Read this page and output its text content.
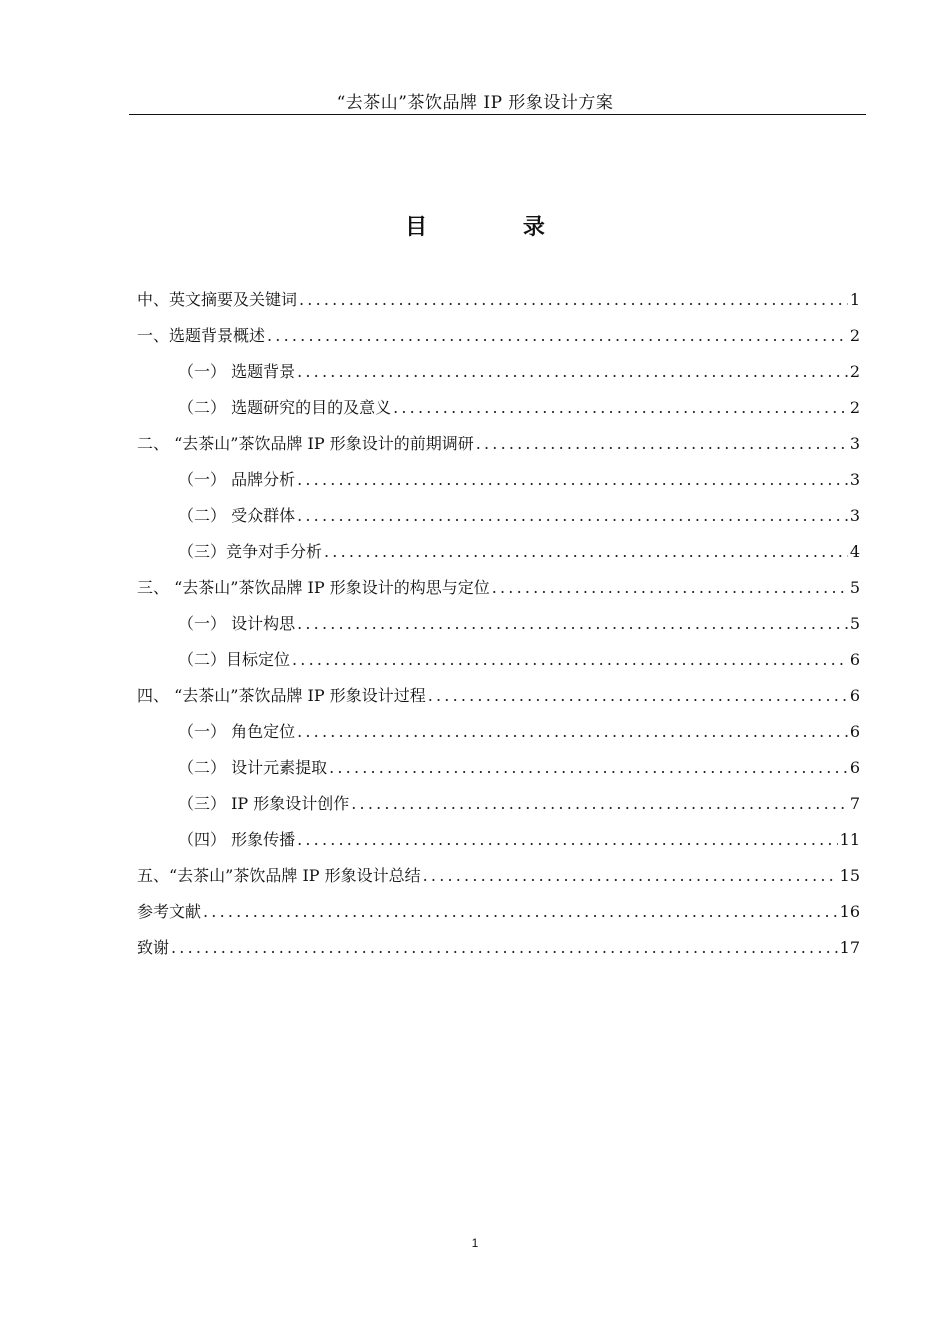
“去茶山”茶饮品牌 IP 形象设计方案
目 录
中、英文摘要及关键词 .....	1
一、选题背景概述 .....	2
（一） 选题背景 .....	2
（二） 选题研究的目的及意义 .....	2
二、 “去茶山”茶饮品牌 IP 形象设计的前期调研 .....	3
（一） 品牌分析 .....	3
（二） 受众群体 .....	3
（三）竞争对手分析 .....	4
三、 “去茶山”茶饮品牌 IP 形象设计的构思与定位 .....	5
（一） 设计构思 .....	5
（二）目标定位 .....	6
四、 “去茶山”茶饮品牌 IP 形象设计过程 .....	6
（一） 角色定位 .....	6
（二） 设计元素提取 .....	6
（三） IP 形象设计创作 .....	7
（四） 形象传播 .....	11
五、“去茶山”茶饮品牌 IP 形象设计总结 .....	15
参考文献 .....	16
致谢 .....	17
1
